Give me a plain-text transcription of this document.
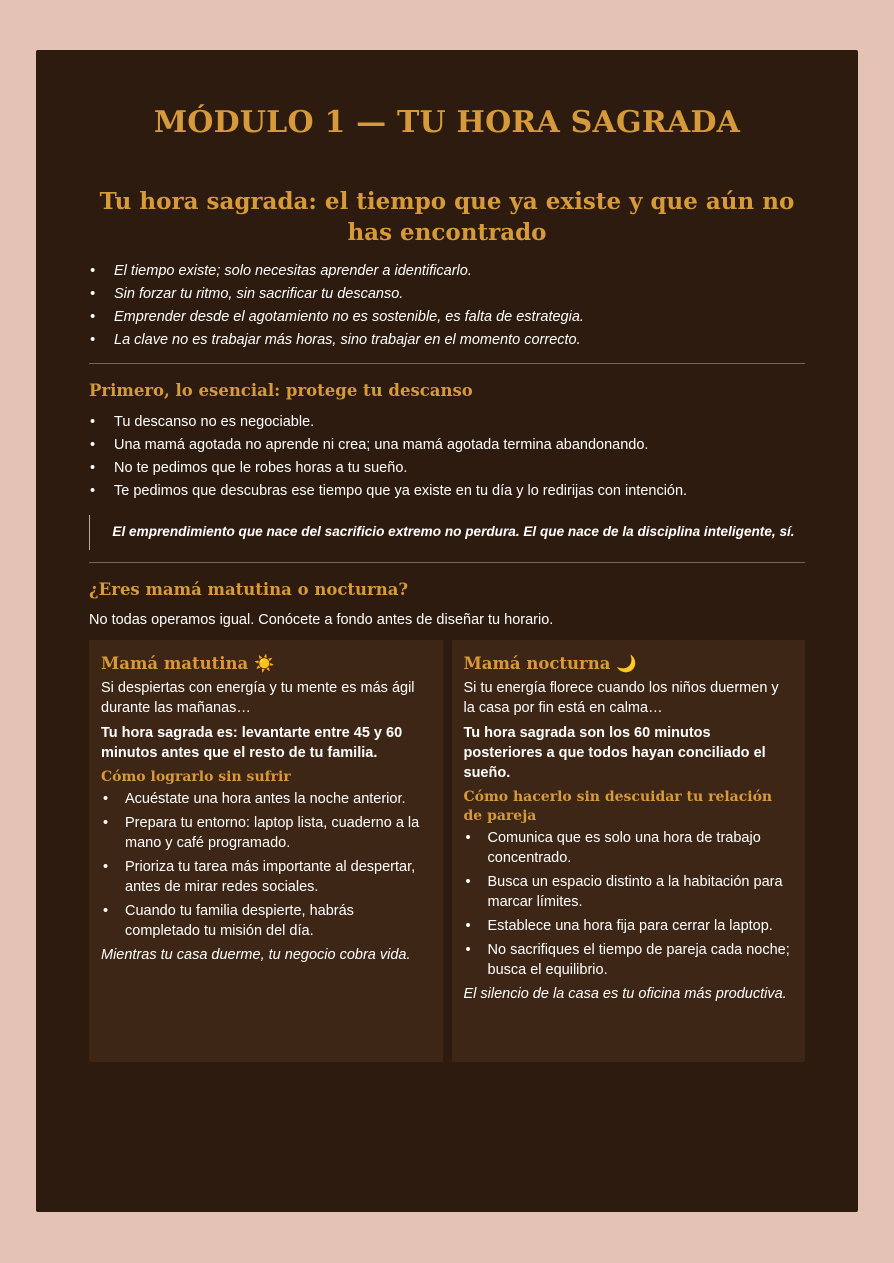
MÓDULO 1 — TU HORA SAGRADA
Tu hora sagrada: el tiempo que ya existe y que aún no has encontrado
• El tiempo existe; solo necesitas aprender a identificarlo.
• Sin forzar tu ritmo, sin sacrificar tu descanso.
• Emprender desde el agotamiento no es sostenible, es falta de estrategia.
• La clave no es trabajar más horas, sino trabajar en el momento correcto.
Primero, lo esencial: protege tu descanso
• Tu descanso no es negociable.
• Una mamá agotada no aprende ni crea; una mamá agotada termina abandonando.
• No te pedimos que le robes horas a tu sueño.
• Te pedimos que descubras ese tiempo que ya existe en tu día y lo redirijas con intención.
El emprendimiento que nace del sacrificio extremo no perdura. El que nace de la disciplina inteligente, sí.
¿Eres mamá matutina o nocturna?

No todas operamos igual. Conócete a fondo antes de diseñar tu horario.

Mamá matutina ☀️

Si despiertas con energía y tu mente es más ágil durante las mañanas…

Tu hora sagrada es: levantarte entre 45 y 60 minutos antes que el resto de tu familia.

Cómo lograrlo sin sufrir
• Acuéstate una hora antes la noche anterior.
• Prepara tu entorno: laptop lista, cuaderno a la mano y café programado.
• Prioriza tu tarea más importante al despertar, antes de mirar redes sociales.
• Cuando tu familia despierte, habrás completado tu misión del día.

Mientras tu casa duerme, tu negocio cobra vida.

Mamá nocturna 🌙

Si tu energía florece cuando los niños duermen y la casa por fin está en calma…

Tu hora sagrada son los 60 minutos posteriores a que todos hayan conciliado el sueño.

Cómo hacerlo sin descuidar tu relación de pareja
• Comunica que es solo una hora de trabajo concentrado.
• Busca un espacio distinto a la habitación para marcar límites.
• Establece una hora fija para cerrar la laptop.
• No sacrifiques el tiempo de pareja cada noche; busca el equilibrio.

El silencio de la casa es tu oficina más productiva.
